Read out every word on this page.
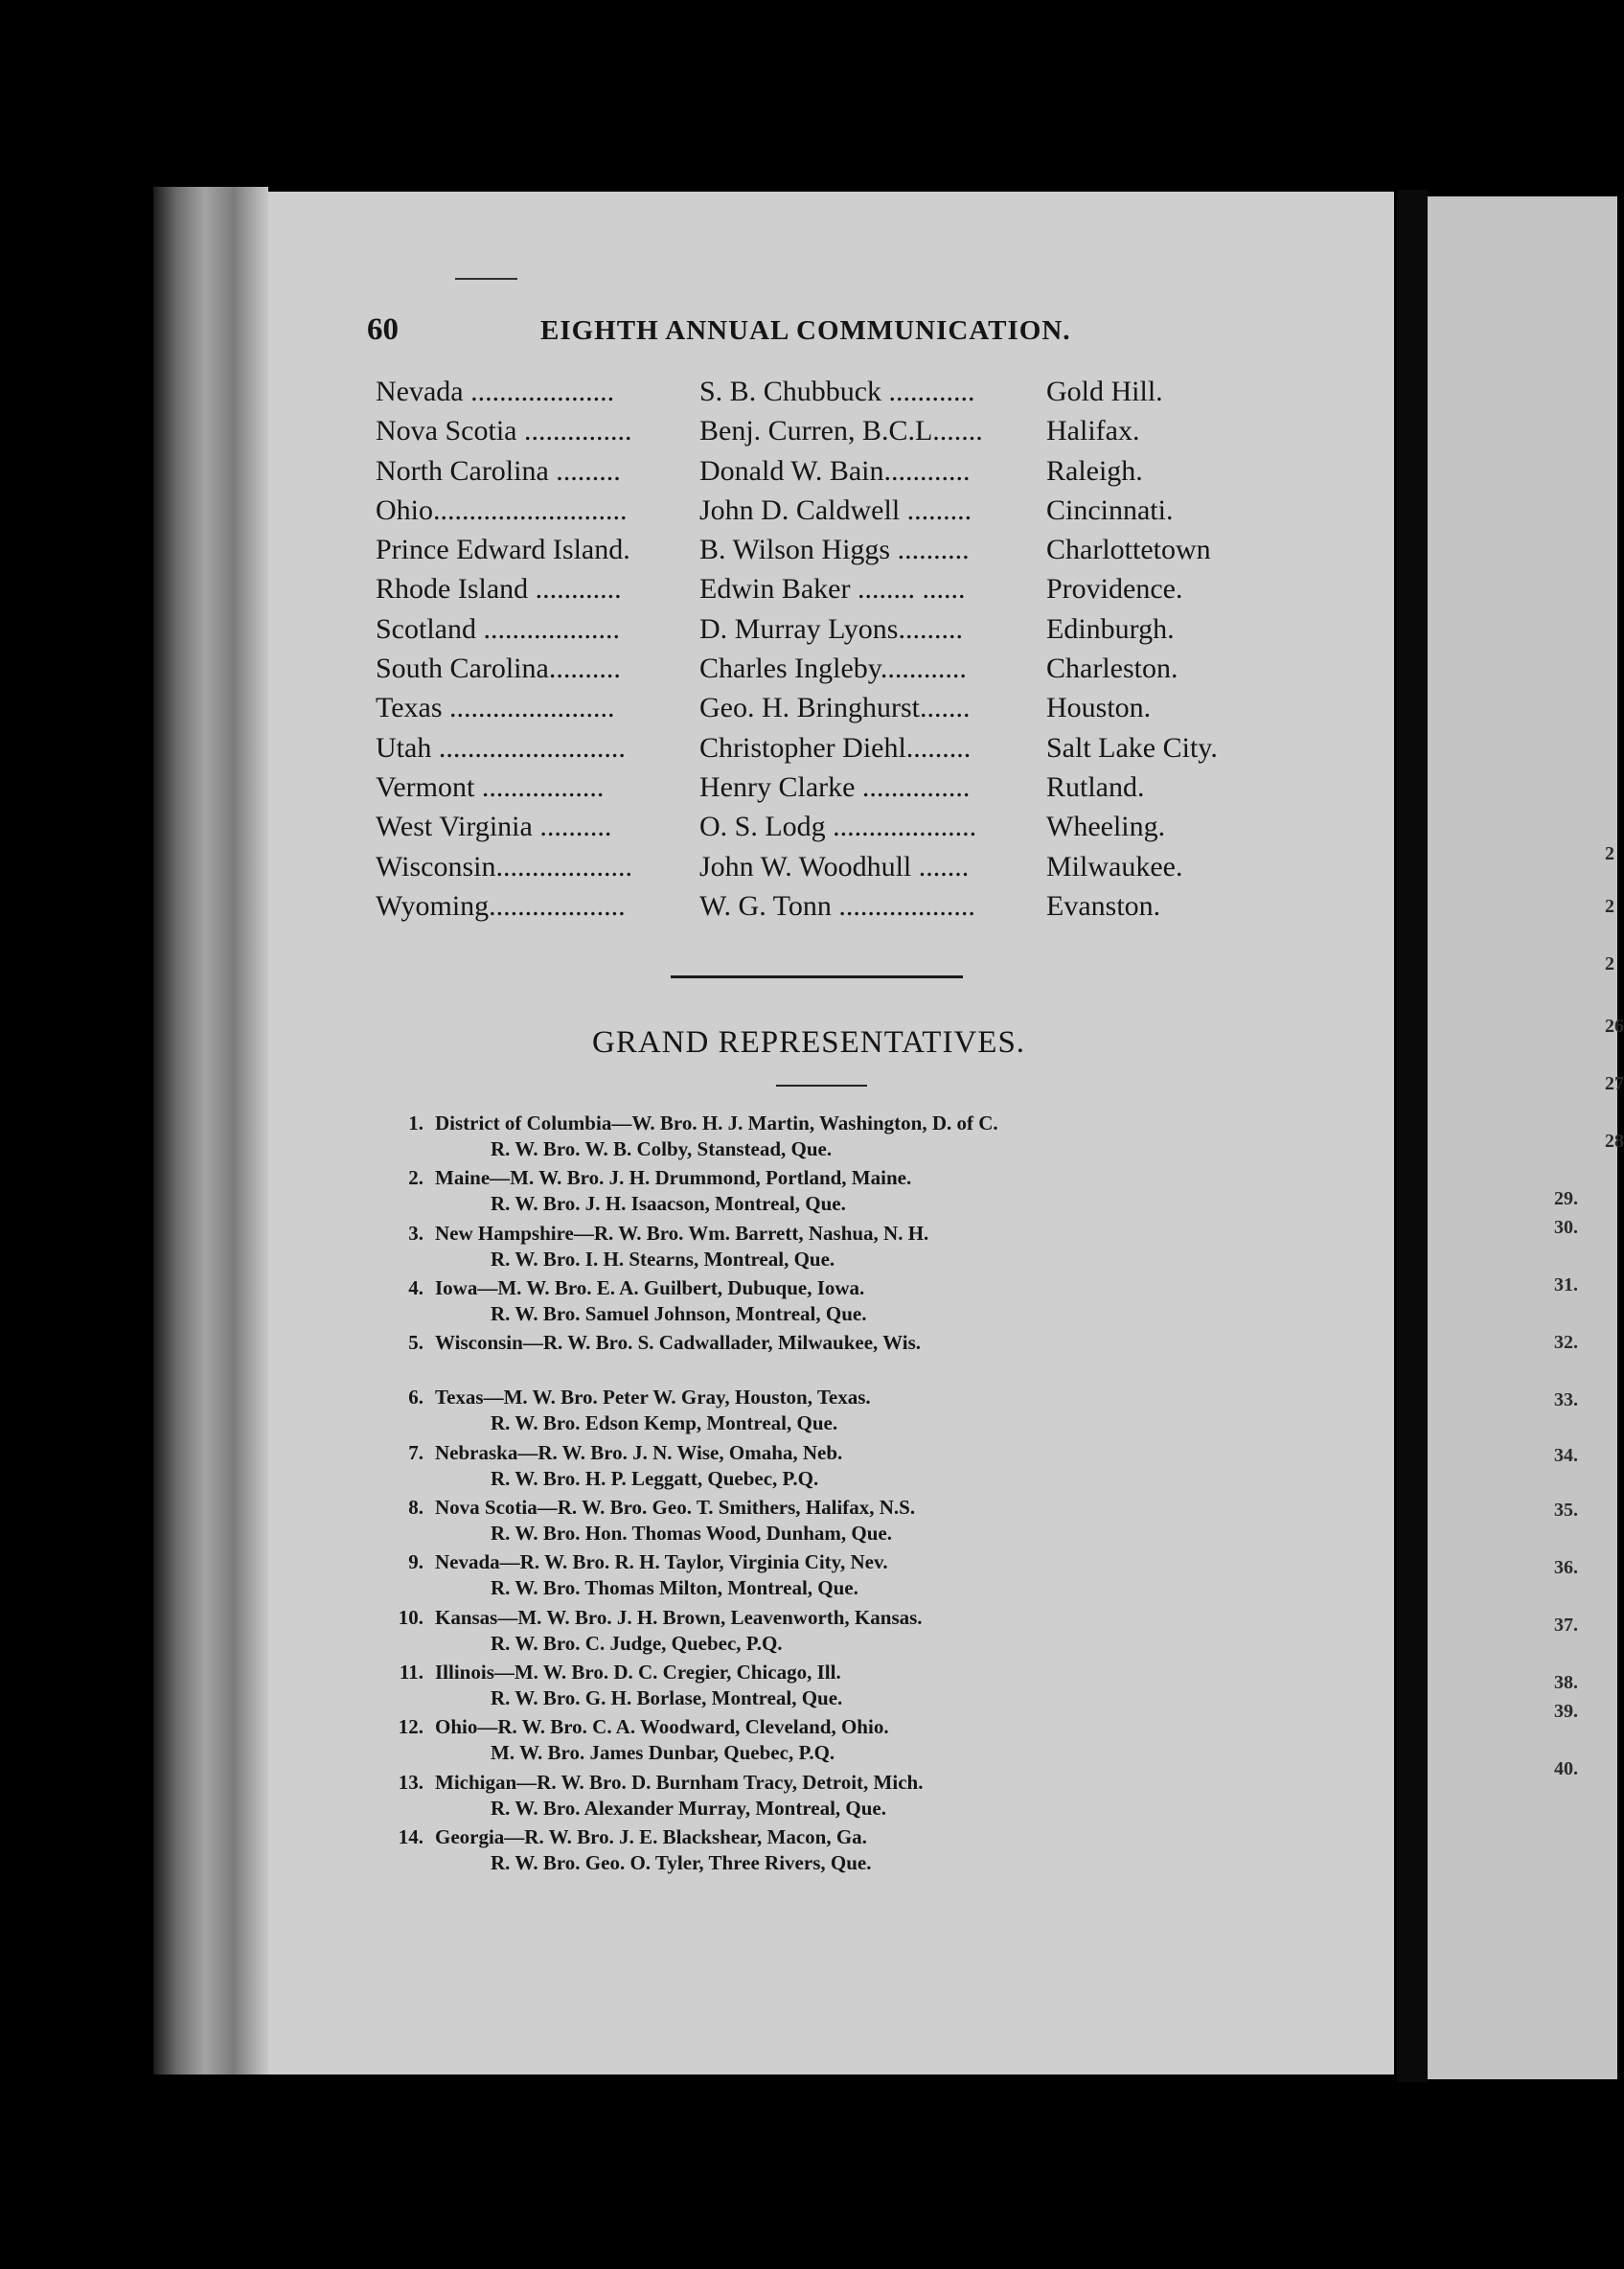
60	EIGHTH ANNUAL COMMUNICATION.
Nevada ....................	S. B. Chubbuck ............ Gold Hill.
Nova Scotia ............... Benj. Curren, B.C.L....... Halifax.
North Carolina .........	Donald W. Bain............	Raleigh.
Ohio...........................	John D. Caldwell .........	Cincinnati.
Prince Edward Island. B. Wilson Higgs ..........	Charlottetown
Rhode Island ............	Edwin Baker ........ ......	Providence.
Scotland ...................	D. Murray Lyons.........	Edinburgh.
South Carolina..........	Charles Ingleby............	Charleston.
Texas .......................	Geo. H. Bringhurst.......	Houston.
Utah ..........................	Christopher Diehl.........	Salt Lake City.
Vermont .................	Henry Clarke ...............	Rutland.
West Virginia ..........	O. S. Lodg .................... Wheeling.
Wisconsin................... John W. Woodhull .......	Milwaukee.
Wyoming...................	W. G. Tonn ................... Evanston.
GRAND REPRESENTATIVES.
1. District of Columbia—W. Bro. H. J. Martin, Washington, D. of C.
R. W. Bro. W. B. Colby, Stanstead, Que.
2. Maine—M. W. Bro. J. H. Drummond, Portland, Maine.
R. W. Bro. J. H. Isaacson, Montreal, Que.
3. New Hampshire—R. W. Bro. Wm. Barrett, Nashua, N. H.
R. W. Bro. I. H. Stearns, Montreal, Que.
4. Iowa—M. W. Bro. E. A. Guilbert, Dubuque, Iowa.
R. W. Bro. Samuel Johnson, Montreal, Que.
5. Wisconsin—R. W. Bro. S. Cadwallader, Milwaukee, Wis.
6. Texas—M. W. Bro. Peter W. Gray, Houston, Texas.
R. W. Bro. Edson Kemp, Montreal, Que.
7. Nebraska—R. W. Bro. J. N. Wise, Omaha, Neb.
R. W. Bro. H. P. Leggatt, Quebec, P.Q.
8. Nova Scotia—R. W. Bro. Geo. T. Smithers, Halifax, N.S.
R. W. Bro. Hon. Thomas Wood, Dunham, Que.
9. Nevada—R. W. Bro. R. H. Taylor, Virginia City, Nev.
R. W. Bro. Thomas Milton, Montreal, Que.
10. Kansas—M. W. Bro. J. H. Brown, Leavenworth, Kansas.
R. W. Bro. C. Judge, Quebec, P.Q.
11. Illinois—M. W. Bro. D. C. Cregier, Chicago, Ill.
R. W. Bro. G. H. Borlase, Montreal, Que.
12. Ohio—R. W. Bro. C. A. Woodward, Cleveland, Ohio.
M. W. Bro. James Dunbar, Quebec, P.Q.
13. Michigan—R. W. Bro. D. Burnham Tracy, Detroit, Mich.
R. W. Bro. Alexander Murray, Montreal, Que.
14. Georgia—R. W. Bro. J. E. Blackshear, Macon, Ga.
R. W. Bro. Geo. O. Tyler, Three Rivers, Que.
2
2
2
26
27
28
29.
30.
31.
32.
33.
34.
35.
36.
37.
38.
39.
40.
